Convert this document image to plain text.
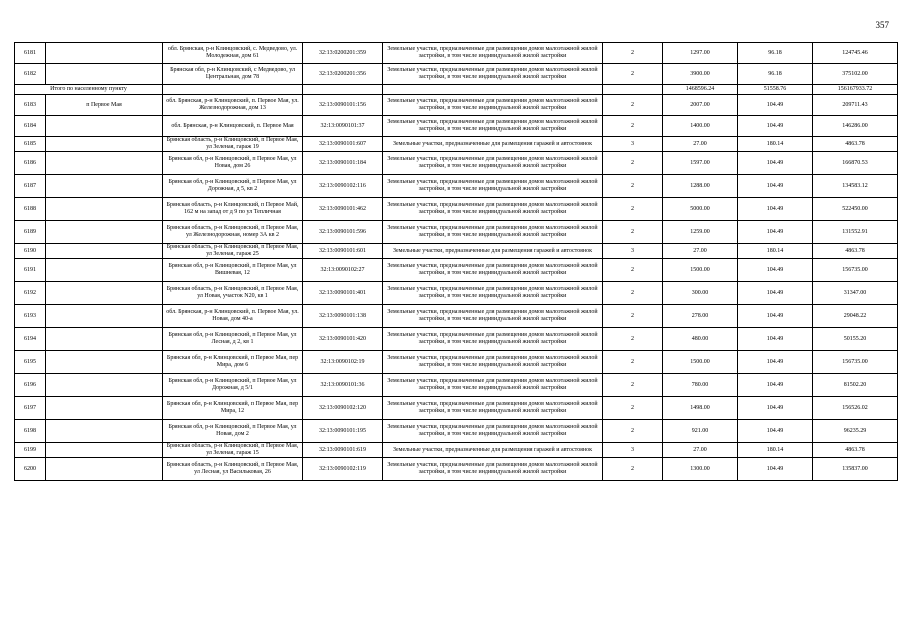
357
6181		обл. Брянская, р-н Клинцовский, с. Медведово, ул. Молодежная, дом 61	32:13:0200201:359	Земельные участки, предназначенные для размещения домов малоэтажной жилой застройки, в том числе индивидуальной жилой застройки	2	1297.00	96.18	124745.46
6182		Брянская обл, р-н Клинцовский, с Медведово, ул Центральная, дом 78	32:13:0200201:356	Земельные участки, предназначенные для размещения домов малоэтажной жилой застройки, в том числе индивидуальной жилой застройки	2	3900.00	96.18	375102.00
Итого по населенному пункту						1468596.24	51558.76	156167933.72
6183	п Первое Мая	обл. Брянская, р-н Клинцовский, п. Первое Мая, ул. Железнодорожная, дом 13	32:13:0090101:156	Земельные участки, предназначенные для размещения домов малоэтажной жилой застройки, в том числе индивидуальной жилой застройки	2	2007.00	104.49	209711.43
6184		обл. Брянская, р-н Клинцовский, п. Первое Мая	32:13:0090101:37	Земельные участки, предназначенные для размещения домов малоэтажной жилой застройки, в том числе индивидуальной жилой застройки	2	1400.00	104.49	146286.00
6185		Брянская область, р-н Клинцовский, п Первое Мая, ул Зеленая, гараж 19	32:13:0090101:607	Земельные участки, предназначенные для размещения гаражей и автостоянок	3	27.00	180.14	4863.78
6186		Брянская обл, р-н Клинцовский, п Первое Мая, ул Новая, дом 26	32:13:0090101:184	Земельные участки, предназначенные для размещения домов малоэтажной жилой застройки, в том числе индивидуальной жилой застройки	2	1597.00	104.49	166870.53
6187		Брянская обл, р-н Клинцовский, п Первое Мая, ул Дорожная, д 5, кв 2	32:13:0090102:116	Земельные участки, предназначенные для размещения домов малоэтажной жилой застройки, в том числе индивидуальной жилой застройки	2	1288.00	104.49	134583.12
6188		Брянская область, р-н Клинцовский, п Первое Май, 162 м на запад от д 9 по ул Тепличная	32:13:0090101:462	Земельные участки, предназначенные для размещения домов малоэтажной жилой застройки, в том числе индивидуальной жилой застройки	2	5000.00	104.49	522450.00
6189		Брянская область, р-н Клинцовский, п Первое Мая, ул Железнодорожная, номер 3А кв 2	32:13:0090101:596	Земельные участки, предназначенные для размещения домов малоэтажной жилой застройки, в том числе индивидуальной жилой застройки	2	1259.00	104.49	131552.91
6190		Брянская область, р-н Клинцовский, п Первое Мая, ул Зеленая, гараж 25	32:13:0090101:601	Земельные участки, предназначенные для размещения гаражей и автостоянок	3	27.00	180.14	4863.78
6191		Брянская обл, р-н Клинцовский, п Первое Мая, ул Вишневая, 12	32:13:0090102:27	Земельные участки, предназначенные для размещения домов малоэтажной жилой застройки, в том числе индивидуальной жилой застройки	2	1500.00	104.49	156735.00
6192		Брянская область, р-н Клинцовский, п Первое Мая, ул Новая, участок N20, кв 1	32:13:0090101:401	Земельные участки, предназначенные для размещения домов малоэтажной жилой застройки, в том числе индивидуальной жилой застройки	2	300.00	104.49	31347.00
6193		обл. Брянская, р-н Клинцовский, п. Первое Мая, ул. Новая, дом 40-а	32:13:0090101:138	Земельные участки, предназначенные для размещения домов малоэтажной жилой застройки, в том числе индивидуальной жилой застройки	2	278.00	104.49	29048.22
6194		Брянская обл, р-н Клинцовский, п Первое Мая, ул Лесная, д 2, кв 1	32:13:0090101:420	Земельные участки, предназначенные для размещения домов малоэтажной жилой застройки, в том числе индивидуальной жилой застройки	2	480.00	104.49	50155.20
6195		Брянская обл, р-н Клинцовский, п Первое Мая, пер Мира, дом 6	32:13:0090102:19	Земельные участки, предназначенные для размещения домов малоэтажной жилой застройки, в том числе индивидуальной жилой застройки	2	1500.00	104.49	156735.00
6196		Брянская обл, р-н Клинцовский, п Первое Мая, ул Дорожная, д 5/1	32:13:0090101:36	Земельные участки, предназначенные для размещения домов малоэтажной жилой застройки, в том числе индивидуальной жилой застройки	2	780.00	104.49	81502.20
6197		Брянская обл, р-н Клинцовский, п Первое Мая, пер Мира, 12	32:13:0090102:120	Земельные участки, предназначенные для размещения домов малоэтажной жилой застройки, в том числе индивидуальной жилой застройки	2	1498.00	104.49	156526.02
6198		Брянская обл, р-н Клинцовский, п Первое Мая, ул Новая, дом 2	32:13:0090101:195	Земельные участки, предназначенные для размещения домов малоэтажной жилой застройки, в том числе индивидуальной жилой застройки	2	921.00	104.49	96235.29
6199		Брянская область, р-н Клинцовский, п Первое Мая, ул Зеленая, гараж 15	32:13:0090101:619	Земельные участки, предназначенные для размещения гаражей и автостоянок	3	27.00	180.14	4863.78
6200		Брянская область, р-н Клинцовский, п Первое Мая, ул Лесная, ул Васильковая, 26	32:13:0090102:119	Земельные участки, предназначенные для размещения домов малоэтажной жилой застройки, в том числе индивидуальной жилой застройки	2	1300.00	104.49	135837.00
